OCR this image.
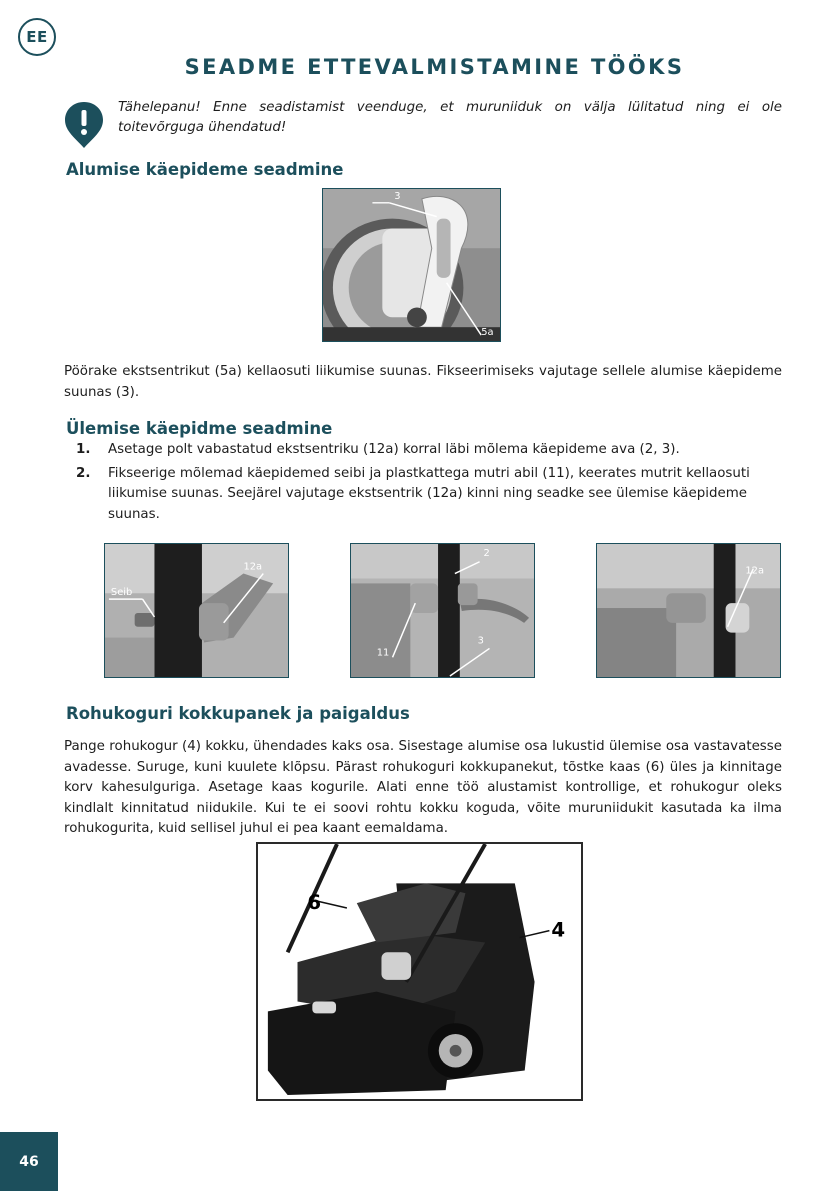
EE
SEADME ETTEVALMISTAMINE TÖÖKS
Tähelepanu! Enne seadistamist veenduge, et muruniiduk on välja lülitatud ning ei ole toitevõrguga ühendatud!
Alumise käepideme seadmine
3
5a
Pöörake ekstsentrikut (5a) kellaosuti liikumise suunas. Fikseerimiseks vajutage sellele alumise käepideme suunas (3).
Ülemise käepidme seadmine
1. Asetage polt vabastatud ekstsentriku (12a) korral läbi mõlema käepideme ava (2, 3).
2. Fikseerige mõlemad käepidemed seibi ja plastkattega mutri abil (11), keerates mutrit kellaosuti liikumise suunas. Seejärel vajutage ekstsentrik (12a) kinni ning seadke see ülemise käepideme suunas.
12a
Seib
2
11
3
12a
Rohukoguri kokkupanek ja paigaldus
Pange rohukogur (4) kokku, ühendades kaks osa. Sisestage alumise osa lukustid ülemise osa vastavatesse avadesse. Suruge, kuni kuulete klõpsu. Pärast rohukoguri kokkupanekut, tõstke kaas (6) üles ja kinnitage korv kahesulguriga. Asetage kaas kogurile. Alati enne töö alustamist kontrollige, et rohukogur oleks kindlalt kinnitatud niidukile. Kui te ei soovi rohtu kokku koguda, võite muruniidukit kasutada ka ilma rohukogurita, kuid sellisel juhul ei pea kaant eemaldama.
6
4
46
